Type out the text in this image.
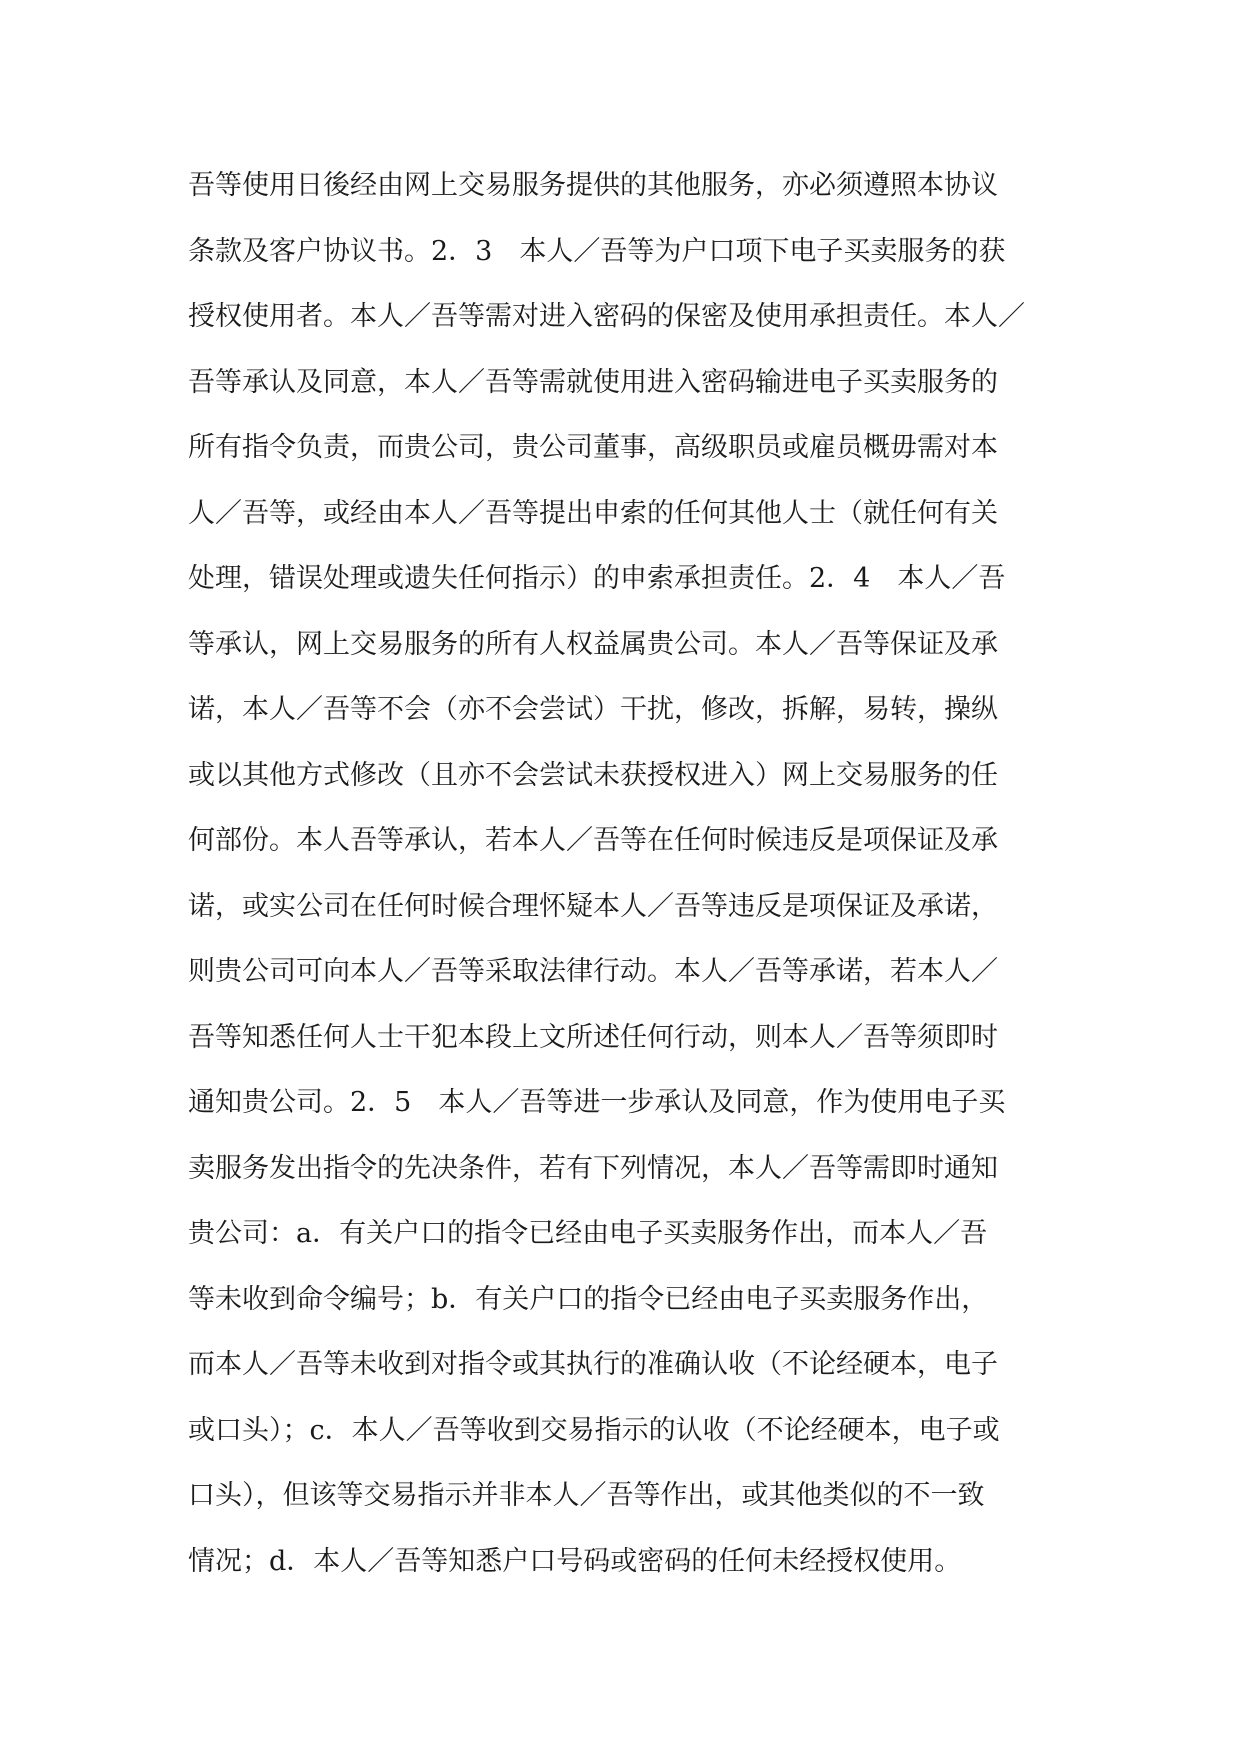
吾等使用日後经由网上交易服务提供的其他服务，亦必须遵照本协议
条款及客户协议书。2．3　本人／吾等为户口项下电子买卖服务的获
授权使用者。本人／吾等需对进入密码的保密及使用承担责任。本人／
吾等承认及同意，本人／吾等需就使用进入密码输进电子买卖服务的
所有指令负责，而贵公司，贵公司董事，高级职员或雇员概毋需对本
人／吾等，或经由本人／吾等提出申索的任何其他人士（就任何有关
处理，错误处理或遗失任何指示）的申索承担责任。2．4　本人／吾
等承认，网上交易服务的所有人权益属贵公司。本人／吾等保证及承
诺，本人／吾等不会（亦不会尝试）干扰，修改，拆解，易转，操纵
或以其他方式修改（且亦不会尝试未获授权进入）网上交易服务的任
何部份。本人吾等承认，若本人／吾等在任何时候违反是项保证及承
诺，或实公司在任何时候合理怀疑本人／吾等违反是项保证及承诺，
则贵公司可向本人／吾等采取法律行动。本人／吾等承诺，若本人／
吾等知悉任何人士干犯本段上文所述任何行动，则本人／吾等须即时
通知贵公司。2．5　本人／吾等进一步承认及同意，作为使用电子买
卖服务发出指令的先决条件，若有下列情况，本人／吾等需即时通知
贵公司：a．有关户口的指令已经由电子买卖服务作出，而本人／吾
等未收到命令编号；b．有关户口的指令已经由电子买卖服务作出，
而本人／吾等未收到对指令或其执行的准确认收（不论经硬本，电子
或口头）；c．本人／吾等收到交易指示的认收（不论经硬本，电子或
口头），但该等交易指示并非本人／吾等作出，或其他类似的不一致
情况；d．本人／吾等知悉户口号码或密码的任何未经授权使用。
